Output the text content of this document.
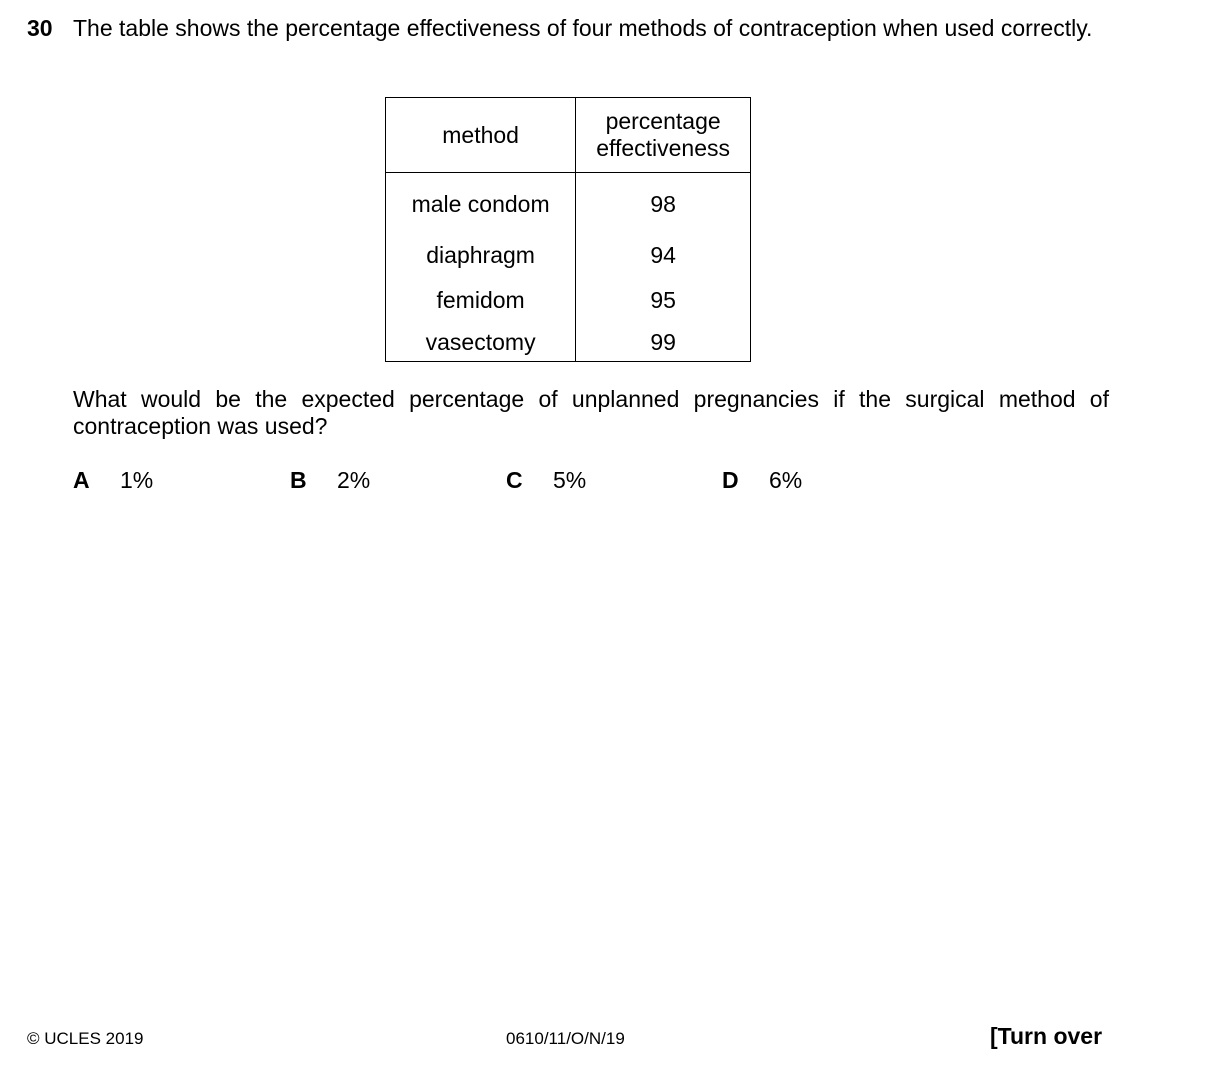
30 The table shows the percentage effectiveness of four methods of contraception when used correctly.
method	percentage effectiveness
male condom	98
diaphragm	94
femidom	95
vasectomy	99
What would be the expected percentage of unplanned pregnancies if the surgical method of contraception was used?
A 1%	B 2%	C 5%	D 6%
© UCLES 2019	0610/11/O/N/19	[Turn over
